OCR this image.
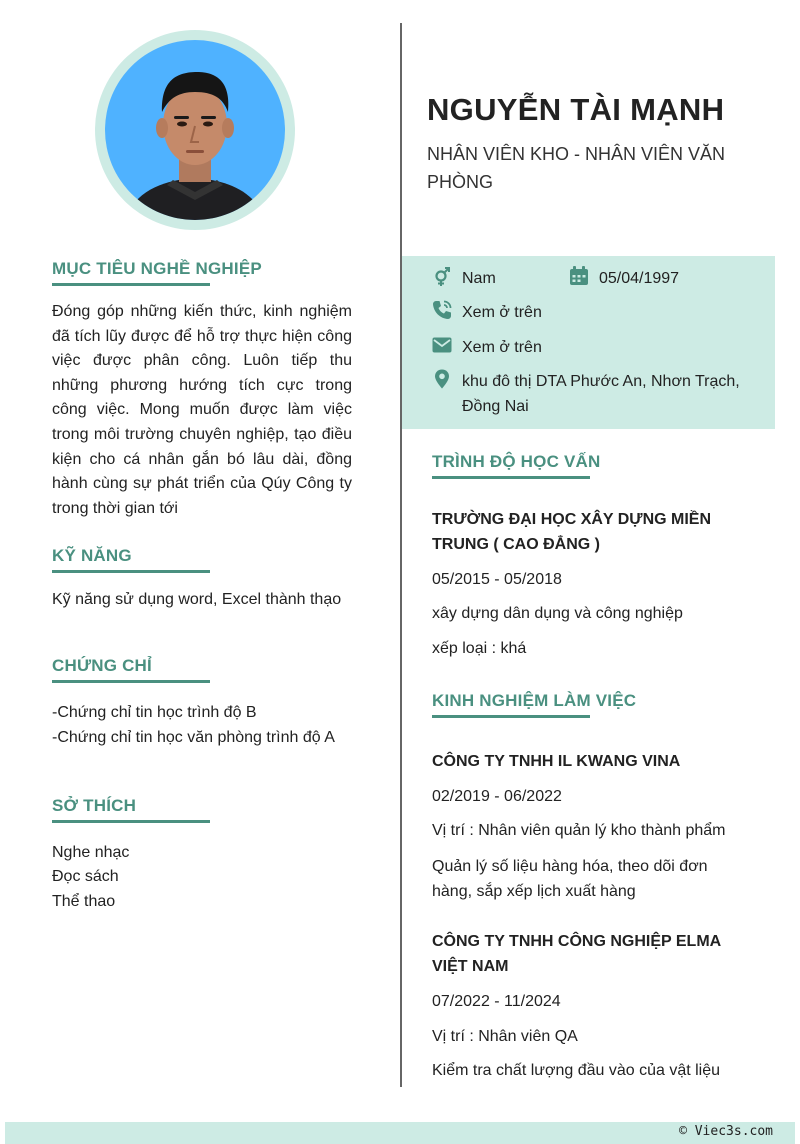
MỤC TIÊU NGHỀ NGHIỆP
Đóng góp những kiến thức, kinh nghiệm đã tích lũy được để hỗ trợ thực hiện công việc được phân công. Luôn tiếp thu những phương hướng tích cực trong công việc. Mong muốn được làm việc trong môi trường chuyên nghiệp, tạo điều kiện cho cá nhân gắn bó lâu dài, đồng hành cùng sự phát triển của Qúy Công ty trong thời gian tới
KỸ NĂNG
Kỹ năng sử dụng word, Excel thành thạo
CHỨNG CHỈ
-Chứng chỉ tin học trình độ B
-Chứng chỉ tin học văn phòng trình độ A
SỞ THÍCH
Nghe nhạc
Đọc sách
Thể thao
NGUYỄN TÀI MẠNH
NHÂN VIÊN KHO - NHÂN VIÊN VĂN PHÒNG
Nam	05/04/1997
Xem ở trên
Xem ở trên
khu đô thị DTA Phước An, Nhơn Trạch, Đồng Nai
TRÌNH ĐỘ HỌC VẤN
TRƯỜNG ĐẠI HỌC XÂY DỰNG MIỀN TRUNG ( CAO ĐẲNG )
05/2015 - 05/2018
xây dựng dân dụng và công nghiệp
xếp loại : khá
KINH NGHIỆM LÀM VIỆC
CÔNG TY TNHH IL KWANG VINA
02/2019 - 06/2022
Vị trí : Nhân viên quản lý kho thành phẩm
Quản lý số liệu hàng hóa, theo dõi đơn hàng, sắp xếp lịch xuất hàng
CÔNG TY TNHH CÔNG NGHIỆP ELMA VIỆT NAM
07/2022 - 11/2024
Vị trí : Nhân viên QA
Kiểm tra chất lượng đầu vào của vật liệu
© Viec3s.com
